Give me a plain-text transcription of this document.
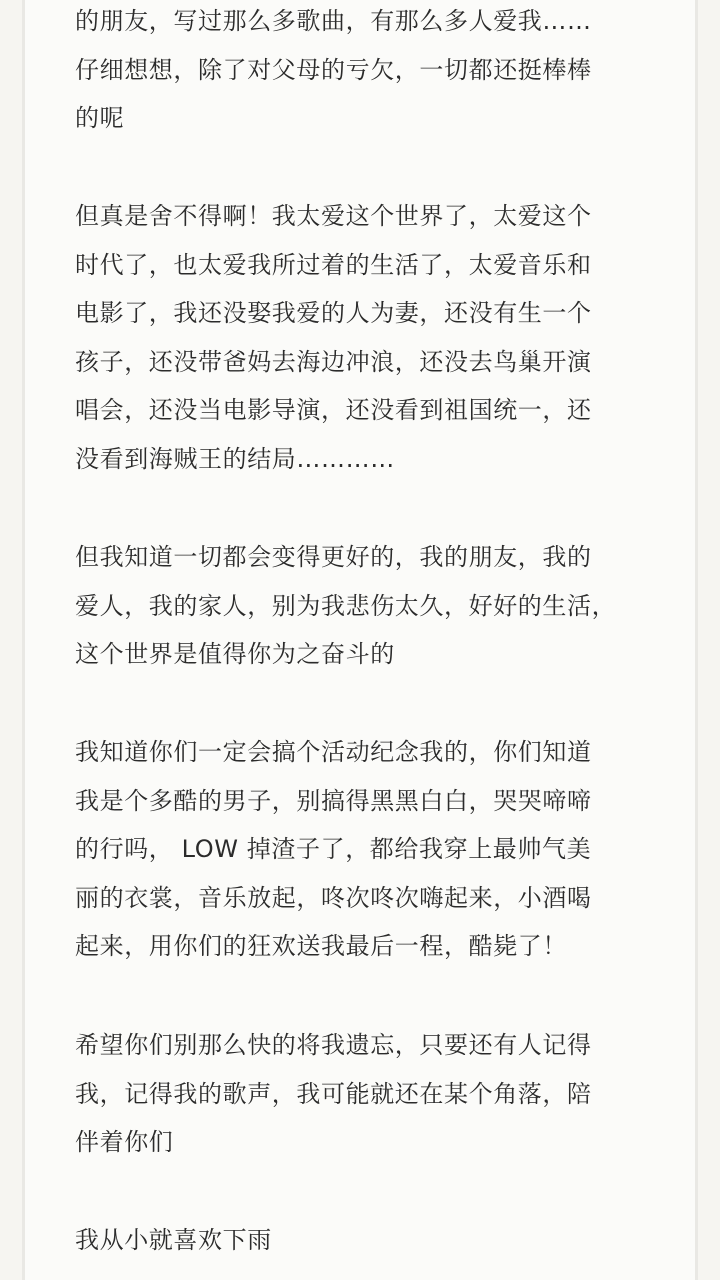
的朋友，写过那么多歌曲，有那么多人爱我……
仔细想想，除了对父母的亏欠，一切都还挺棒棒
的呢
但真是舍不得啊！我太爱这个世界了，太爱这个
时代了，也太爱我所过着的生活了，太爱音乐和
电影了，我还没娶我爱的人为妻，还没有生一个
孩子，还没带爸妈去海边冲浪，还没去鸟巢开演
唱会，还没当电影导演，还没看到祖国统一，还
没看到海贼王的结局…………
但我知道一切都会变得更好的，我的朋友，我的
爱人，我的家人，别为我悲伤太久，好好的生活，
这个世界是值得你为之奋斗的
我知道你们一定会搞个活动纪念我的，你们知道
我是个多酷的男子，别搞得黑黑白白，哭哭啼啼
的行吗， LOW 掉渣子了，都给我穿上最帅气美
丽的衣裳，音乐放起，咚次咚次嗨起来，小酒喝
起来，用你们的狂欢送我最后一程，酷毙了！
希望你们别那么快的将我遗忘，只要还有人记得
我，记得我的歌声，我可能就还在某个角落，陪
伴着你们
我从小就喜欢下雨
